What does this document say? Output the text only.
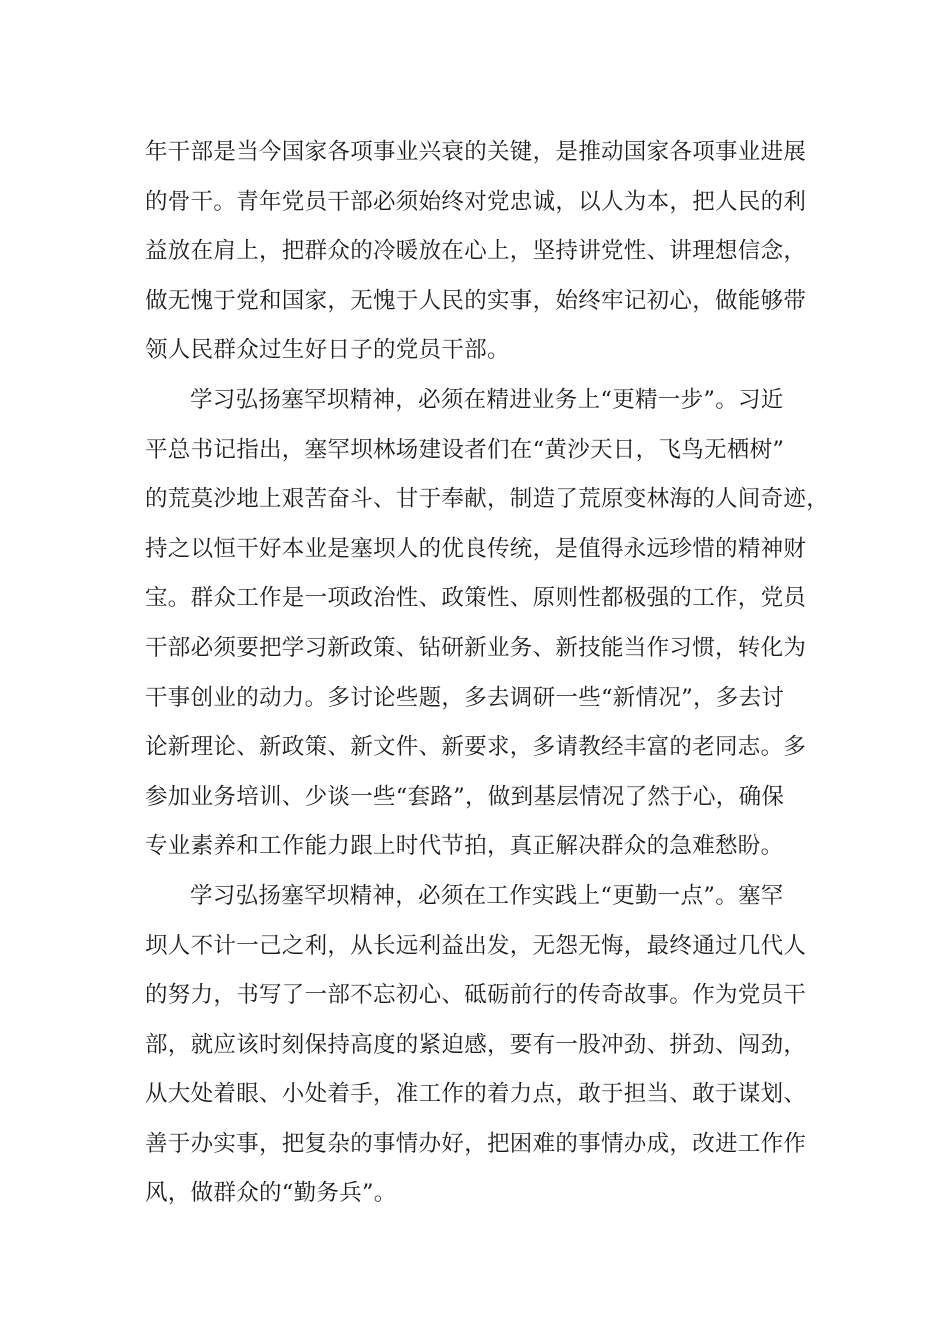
年干部是当今国家各项事业兴衰的关键，是推动国家各项事业进展
的骨干。青年党员干部必须始终对党忠诚，以人为本，把人民的利
益放在肩上，把群众的冷暖放在心上，坚持讲党性、讲理想信念，
做无愧于党和国家，无愧于人民的实事，始终牢记初心，做能够带
领人民群众过生好日子的党员干部。
学习弘扬塞罕坝精神，必须在精进业务上“更精一步”。习近
平总书记指出，塞罕坝林场建设者们在“黄沙天日，飞鸟无栖树”
的荒莫沙地上艰苦奋斗、甘于奉献，制造了荒原变林海的人间奇迹，
持之以恒干好本业是塞坝人的优良传统，是值得永远珍惜的精神财
宝。群众工作是一项政治性、政策性、原则性都极强的工作，党员
干部必须要把学习新政策、钻研新业务、新技能当作习惯，转化为
干事创业的动力。多讨论些题，多去调研一些“新情况”，多去讨
论新理论、新政策、新文件、新要求，多请教经丰富的老同志。多
参加业务培训、少谈一些“套路”，做到基层情况了然于心，确保
专业素养和工作能力跟上时代节拍，真正解决群众的急难愁盼。
学习弘扬塞罕坝精神，必须在工作实践上“更勤一点”。塞罕
坝人不计一己之利，从长远利益出发，无怨无悔，最终通过几代人
的努力，书写了一部不忘初心、砥砺前行的传奇故事。作为党员干
部，就应该时刻保持高度的紧迫感，要有一股冲劲、拼劲、闯劲，
从大处着眼、小处着手，准工作的着力点，敢于担当、敢于谋划、
善于办实事，把复杂的事情办好，把困难的事情办成，改进工作作
风，做群众的“勤务兵”。
